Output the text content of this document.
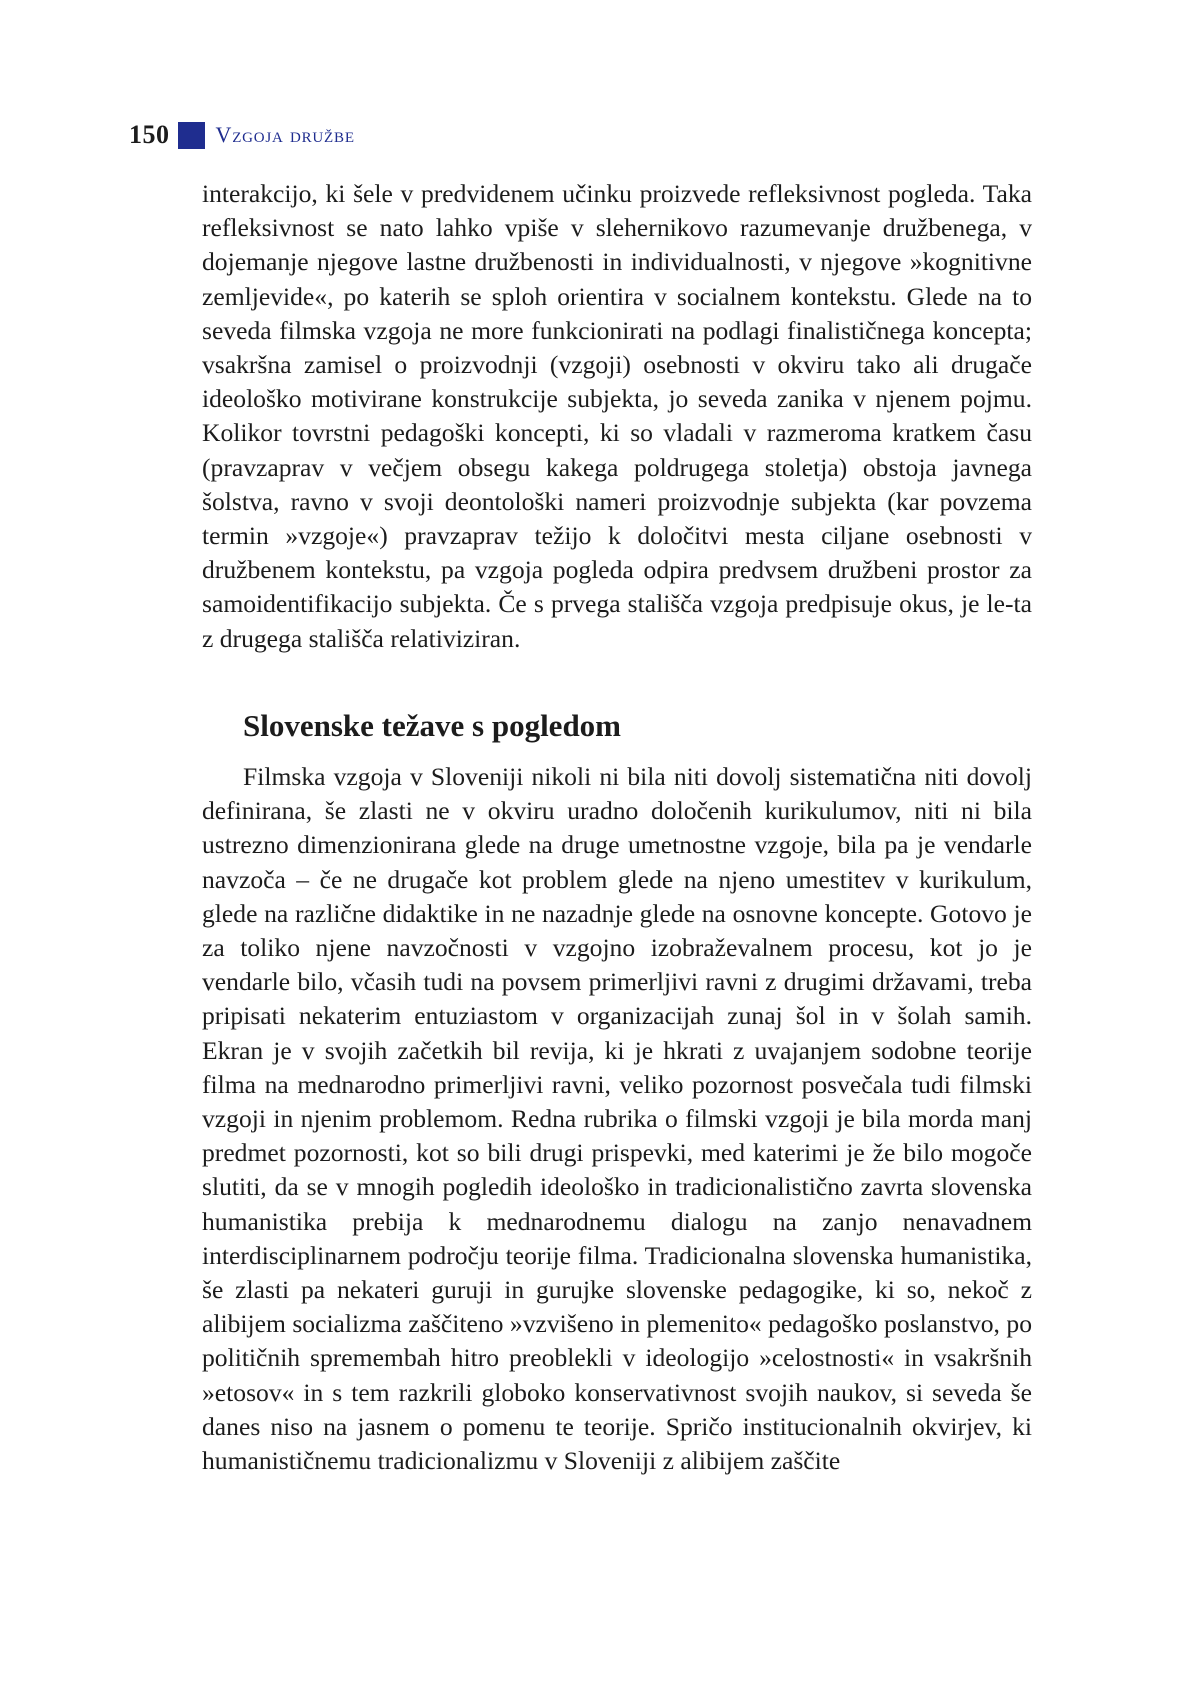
150 Vzgoja družbe

interakcijo, ki šele v predvidenem učinku proizvede refleksivnost pogleda. Taka refleksivnost se nato lahko vpiše v slehernikovo razumevanje družbenega, v dojemanje njegove lastne družbenosti in individualnosti, v njegove »kognitivne zemljevide«, po katerih se sploh orientira v socialnem kontekstu. Glede na to seveda filmska vzgoja ne more funkcionirati na podlagi finalističnega koncepta; vsakršna zamisel o proizvodnji (vzgoji) osebnosti v okviru tako ali drugače ideološko motivirane konstrukcije subjekta, jo seveda zanika v njenem pojmu. Kolikor tovrstni pedagoški koncepti, ki so vladali v razmeroma kratkem času (pravzaprav v večjem obsegu kakega poldrugega stoletja) obstoja javnega šolstva, ravno v svoji deontološki nameri proizvodnje subjekta (kar povzema termin »vzgoje«) pravzaprav težijo k določitvi mesta ciljane osebnosti v družbenem kontekstu, pa vzgoja pogleda odpira predvsem družbeni prostor za samoidentifikacijo subjekta. Če s prvega stališča vzgoja predpisuje okus, je le-ta z drugega stališča relativiziran.

Slovenske težave s pogledom

Filmska vzgoja v Sloveniji nikoli ni bila niti dovolj sistematična niti dovolj definirana, še zlasti ne v okviru uradno določenih kurikulumov, niti ni bila ustrezno dimenzionirana glede na druge umetnostne vzgoje, bila pa je vendarle navzoča – če ne drugače kot problem glede na njeno umestitev v kurikulum, glede na različne didaktike in ne nazadnje glede na osnovne koncepte. Gotovo je za toliko njene navzočnosti v vzgojno izobraževalnem procesu, kot jo je vendarle bilo, včasih tudi na povsem primerljivi ravni z drugimi državami, treba pripisati nekaterim entuziastom v organizacijah zunaj šol in v šolah samih. Ekran je v svojih začetkih bil revija, ki je hkrati z uvajanjem sodobne teorije filma na mednarodno primerljivi ravni, veliko pozornost posvečala tudi filmski vzgoji in njenim problemom. Redna rubrika o filmski vzgoji je bila morda manj predmet pozornosti, kot so bili drugi prispevki, med katerimi je že bilo mogoče slutiti, da se v mnogih pogledih ideološko in tradicionalistično zavrta slovenska humanistika prebija k mednarodnemu dialogu na zanjo nenavadnem interdisciplinarnem področju teorije filma. Tradicionalna slovenska humanistika, še zlasti pa nekateri guruji in gurujke slovenske pedagogike, ki so, nekoč z alibijem socializma zaščiteno »vzvišeno in plemenito« pedagoško poslanstvo, po političnih spremembah hitro preoblekli v ideologijo »celostnosti« in vsakršnih »etosov« in s tem razkrili globoko konservativnost svojih naukov, si seveda še danes niso na jasnem o pomenu te teorije. Spričo institucionalnih okvirjev, ki humanističnemu tradicionalizmu v Sloveniji z alibijem zaščite
